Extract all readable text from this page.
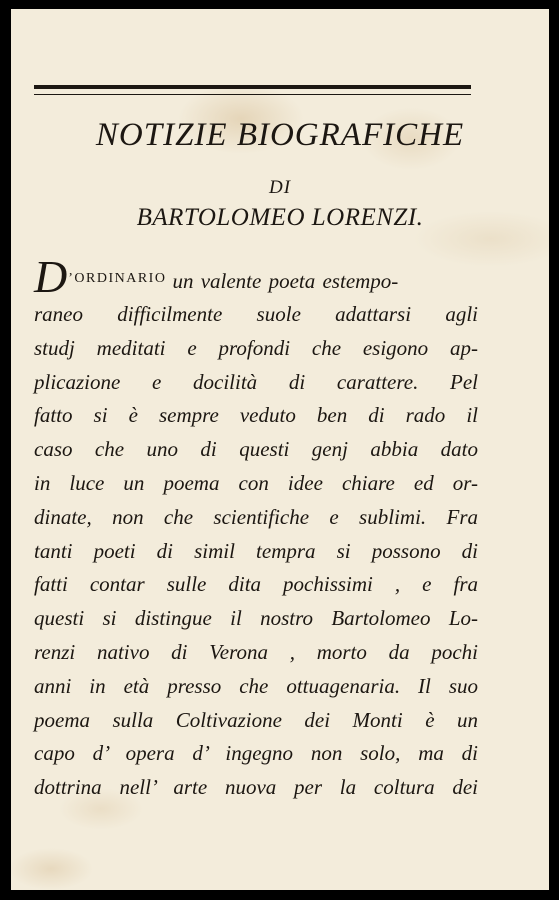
NOTIZIE BIOGRAFICHE
DI
BARTOLOMEO LORENZI.
$D^{’ORDINARIO}$ un valente poeta estempo-
raneo difficilmente suole adattarsi agli
studj meditati e profondi che esigono ap-
plicazione e docilità di carattere. Pel
fatto si è sempre veduto ben di rado il
caso che uno di questi genj abbia dato
in luce un poema con idee chiare ed or-
dinate, non che scientifiche e sublimi. Fra
tanti poeti di simil tempra si possono di
fatti contar sulle dita pochissimi , e fra
questi si distingue il nostro Bartolomeo Lo-
renzi nativo di Verona , morto da pochi
anni in età presso che ottuagenaria. Il suo
poema sulla Coltivazione dei Monti è un
capo d’ opera d’ ingegno non solo, ma di
dottrina nell’ arte nuova per la coltura dei
